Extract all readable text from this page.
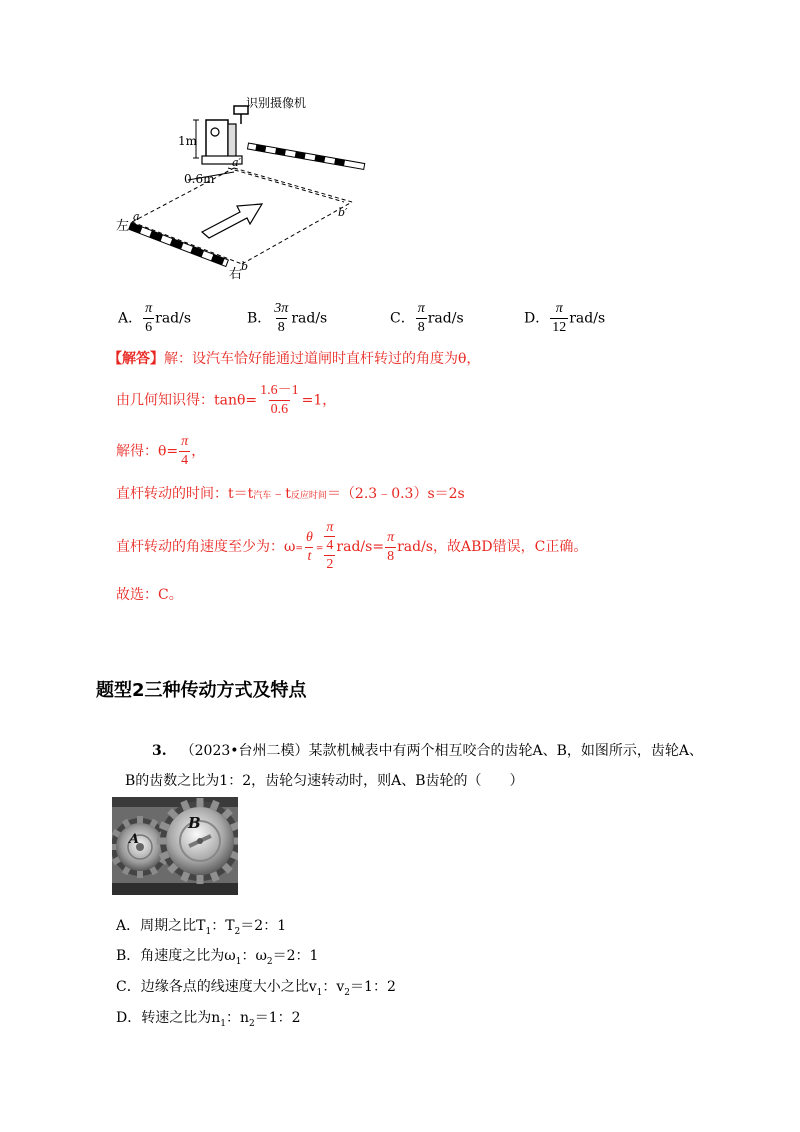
识别摄像机
1m
0.6m
左
右
a
b
a′
b′
A． $\frac{\pi}{6} rad/s$	B． $\frac{3\pi}{8} rad/s$	C． $\frac{\pi}{8} rad/s$	D． $\frac{\pi}{12} rad/s$
【解答】解：设汽车恰好能通过道闸时直杆转过的角度为θ，
由几何知识得：$\tan\theta= \frac{1.6-1}{0.6} =1$，
解得：$\theta= \frac{\pi}{4}$ ，
直杆转动的时间：t＝t汽车﹣t反应时间＝（2.3﹣0.3）s＝2s
直杆转动的角速度至少为：$\omega= \frac{\theta}{t}$ =
π
4
2
$rad/s= \frac{\pi}{8} rad/s$，故ABD错误，C正确。
故选：C。
题型2三种传动方式及特点
3.  （2023•台州二模）某款机械表中有两个相互咬合的齿轮A、B，如图所示，齿轮A、
B的齿数之比为1：2，齿轮匀速转动时，则A、B齿轮的（　　）
A
B
A．周期之比$T_1$：$T_2=2$：1
B．角速度之比为$\omega_1$：$\omega_2=2$：1
C．边缘各点的线速度大小之比$v_1$：$v_2=1$：2
D．转速之比为$n_1$：$n_2=1$：2
